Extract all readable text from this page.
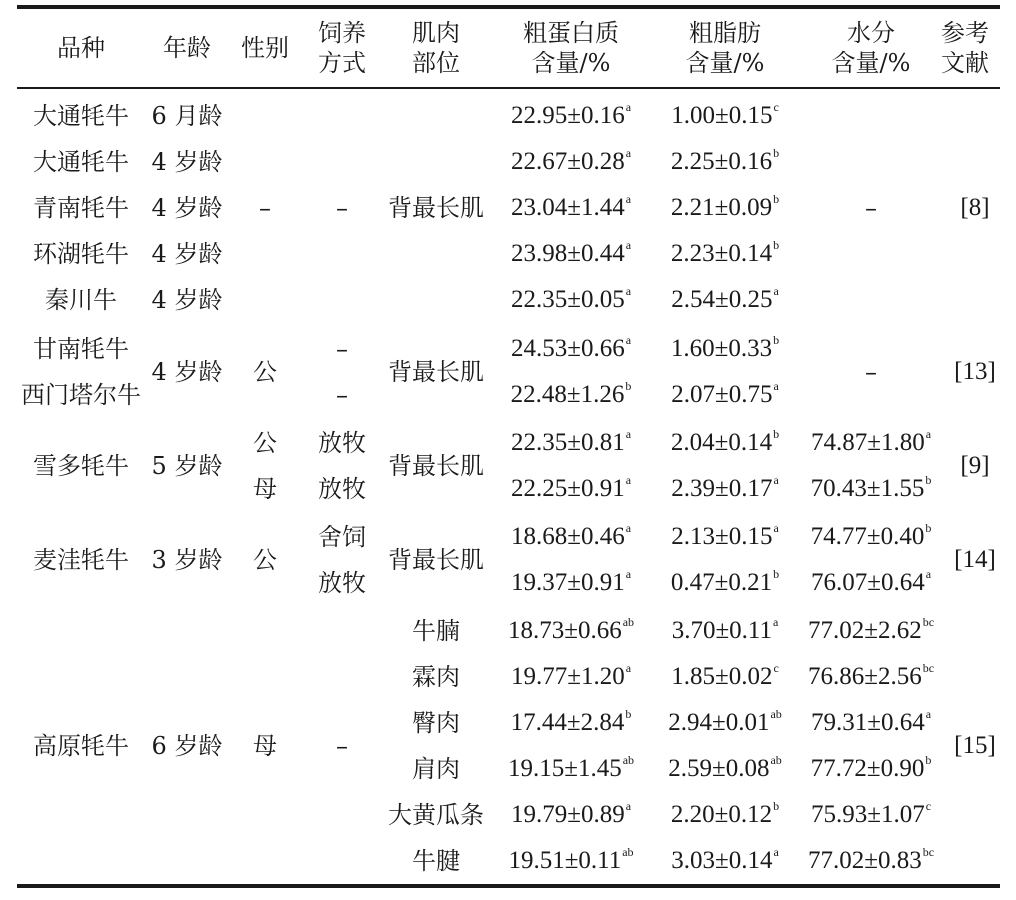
品种 年龄 性别
饲养
方式
肌肉
部位
粗蛋白质
含量/%
粗脂肪
含量/%
水分
含量/%
参考
文献
大通牦牛
大通牦牛
青南牦牛
环湖牦牛
秦川牛
甘南牦牛
西门塔尔牛
雪多牦牛
麦洼牦牛
高原牦牛
6 月龄
4 岁龄
4 岁龄
4 岁龄
4 岁龄
4 岁龄
5 岁龄
3 岁龄
6 岁龄
–
公
公
母
公
母
–
–
–
放牧
放牧
舍饲
放牧
–
背最长肌
背最长肌
背最长肌
背最长肌
牛腩
霖肉
臀肉
肩肉
大黄瓜条
牛腱
–
–
[8]
[13]
[9]
[14]
[15]
22.95±0.16$^a$ 1.00±0.15$^c$
22.67±0.28$^a$ 2.25±0.16$^b$
23.04±1.44$^a$ 2.21±0.09$^b$
23.98±0.44$^a$ 2.23±0.14$^b$
22.35±0.05$^a$ 2.54±0.25$^a$
24.53±0.66$^a$ 1.60±0.33$^b$
22.48±1.26$^b$ 2.07±0.75$^a$
22.35±0.81$^a$ 2.04±0.14$^b$ 74.87±1.80$^a$
22.25±0.91$^a$ 2.39±0.17$^a$ 70.43±1.55$^b$
18.68±0.46$^a$ 2.13±0.15$^a$ 74.77±0.40$^b$
19.37±0.91$^a$ 0.47±0.21$^b$ 76.07±0.64$^a$
18.73±0.66$^{ab}$ 3.70±0.11$^a$ 77.02±2.62$^{bc}$
19.77±1.20$^a$ 1.85±0.02$^c$ 76.86±2.56$^{bc}$
17.44±2.84$^b$ 2.94±0.01$^{ab}$ 79.31±0.64$^a$
19.15±1.45$^{ab}$ 2.59±0.08$^{ab}$ 77.72±0.90$^b$
19.79±0.89$^a$ 2.20±0.12$^b$ 75.93±1.07$^c$
19.51±0.11$^{ab}$ 3.03±0.14$^a$ 77.02±0.83$^{bc}$
